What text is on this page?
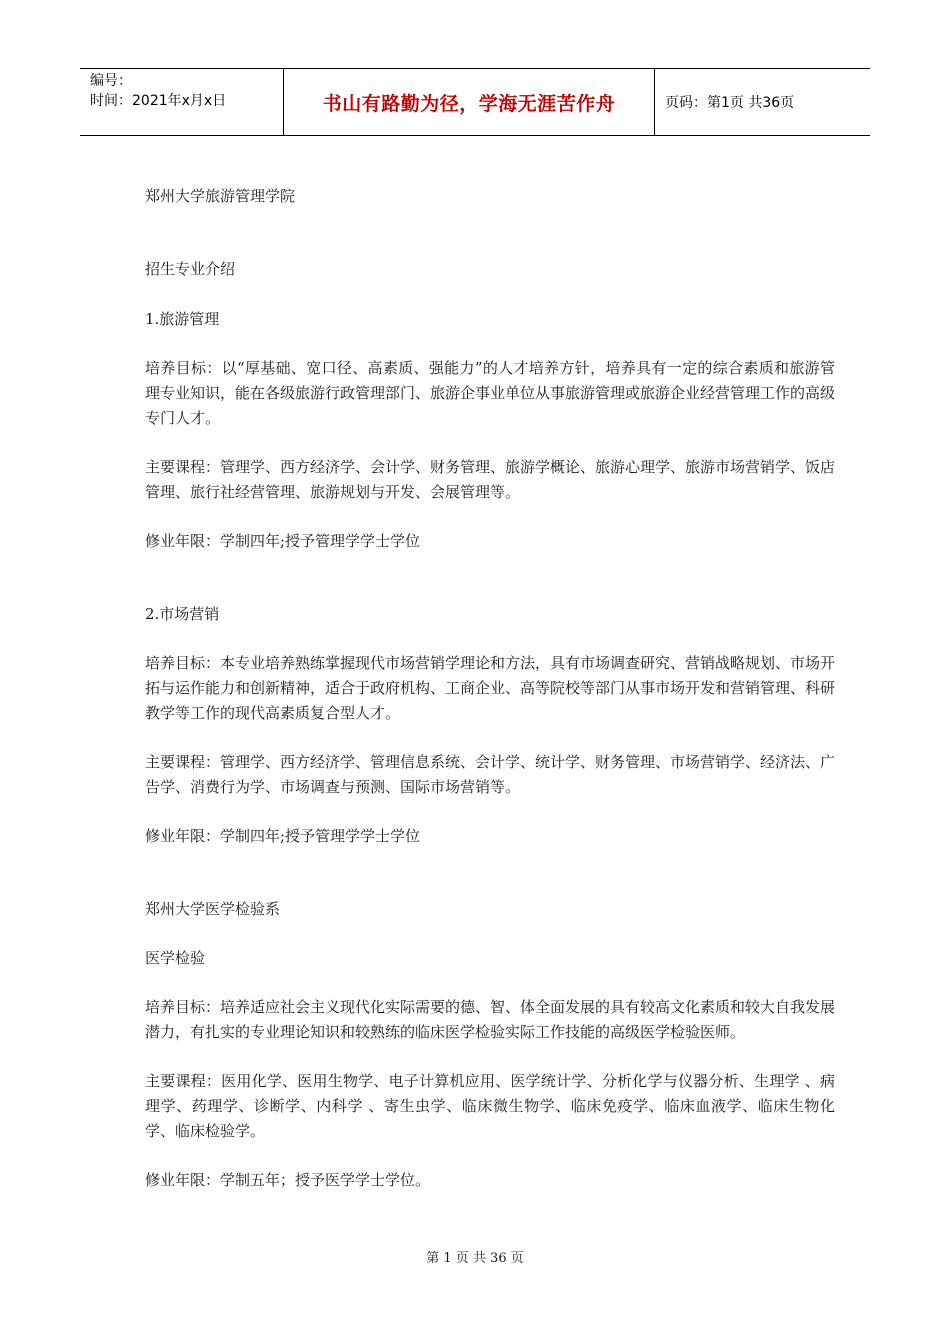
编号：
时间：2021年x月x日	书山有路勤为径，学海无涯苦作舟	页码：第1页 共36页

郑州大学旅游管理学院

招生专业介绍

1.旅游管理

培养目标：以“厚基础、宽口径、高素质、强能力”的人才培养方针，培养具有一定的综合素质和旅游管理专业知识，能在各级旅游行政管理部门、旅游企事业单位从事旅游管理或旅游企业经营管理工作的高级专门人才。

主要课程：管理学、西方经济学、会计学、财务管理、旅游学概论、旅游心理学、旅游市场营销学、饭店管理、旅行社经营管理、旅游规划与开发、会展管理等。

修业年限：学制四年;授予管理学学士学位

2.市场营销

培养目标：本专业培养熟练掌握现代市场营销学理论和方法，具有市场调查研究、营销战略规划、市场开拓与运作能力和创新精神，适合于政府机构、工商企业、高等院校等部门从事市场开发和营销管理、科研教学等工作的现代高素质复合型人才。

主要课程：管理学、西方经济学、管理信息系统、会计学、统计学、财务管理、市场营销学、经济法、广告学、消费行为学、市场调查与预测、国际市场营销等。

修业年限：学制四年;授予管理学学士学位

郑州大学医学检验系

医学检验

培养目标：培养适应社会主义现代化实际需要的德、智、体全面发展的具有较高文化素质和较大自我发展潜力，有扎实的专业理论知识和较熟练的临床医学检验实际工作技能的高级医学检验医师。

主要课程：医用化学、医用生物学、电子计算机应用、医学统计学、分析化学与仪器分析、生理学 、病理学、药理学、诊断学、内科学 、寄生虫学、临床微生物学、临床免疫学、临床血液学、临床生物化学、临床检验学。

修业年限：学制五年；授予医学学士学位。

第 1 页 共 36 页
